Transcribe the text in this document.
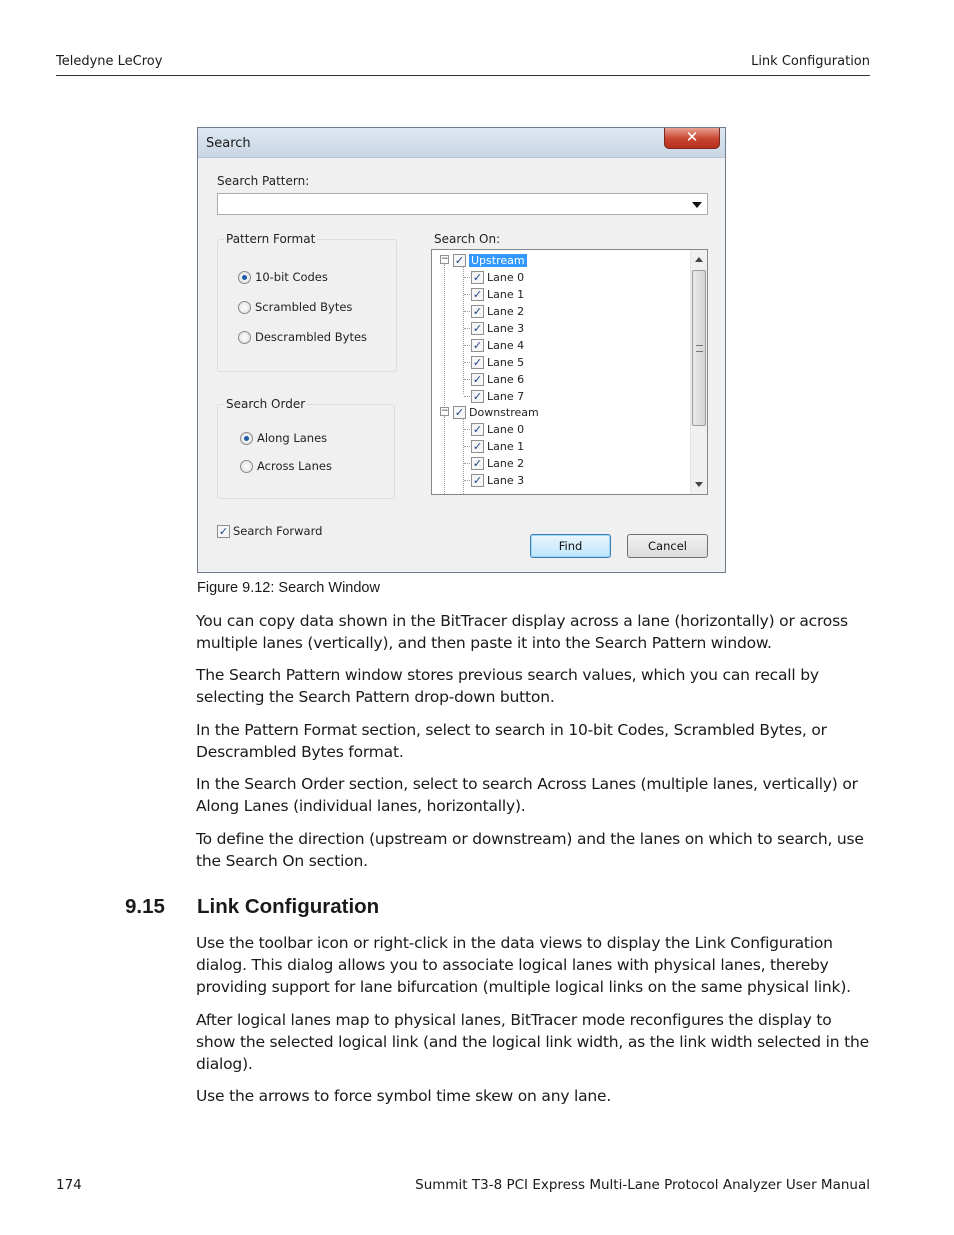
Teledyne LeCroy	Link Configuration
Search	✕
Search Pattern:
Pattern Format
10-bit Codes
Scrambled Bytes
Descrambled Bytes
Search Order
Along Lanes
Across Lanes
Search On:
− ✓ Upstream
✓ Lane 0
✓ Lane 1
✓ Lane 2
✓ Lane 3
✓ Lane 4
✓ Lane 5
✓ Lane 6
✓ Lane 7
− ✓ Downstream
✓ Lane 0
✓ Lane 1
✓ Lane 2
✓ Lane 3
✓ Search Forward
Find	Cancel
Figure 9.12: Search Window

You can copy data shown in the BitTracer display across a lane (horizontally) or across multiple lanes (vertically), and then paste it into the Search Pattern window.

The Search Pattern window stores previous search values, which you can recall by selecting the Search Pattern drop-down button.

In the Pattern Format section, select to search in 10-bit Codes, Scrambled Bytes, or Descrambled Bytes format.

In the Search Order section, select to search Across Lanes (multiple lanes, vertically) or Along Lanes (individual lanes, horizontally).

To define the direction (upstream or downstream) and the lanes on which to search, use the Search On section.

9.15 Link Configuration

Use the toolbar icon or right-click in the data views to display the Link Configuration dialog. This dialog allows you to associate logical lanes with physical lanes, thereby providing support for lane bifurcation (multiple logical links on the same physical link).

After logical lanes map to physical lanes, BitTracer mode reconfigures the display to show the selected logical link (and the logical link width, as the link width selected in the dialog).

Use the arrows to force symbol time skew on any lane.

174	Summit T3-8 PCI Express Multi-Lane Protocol Analyzer User Manual
